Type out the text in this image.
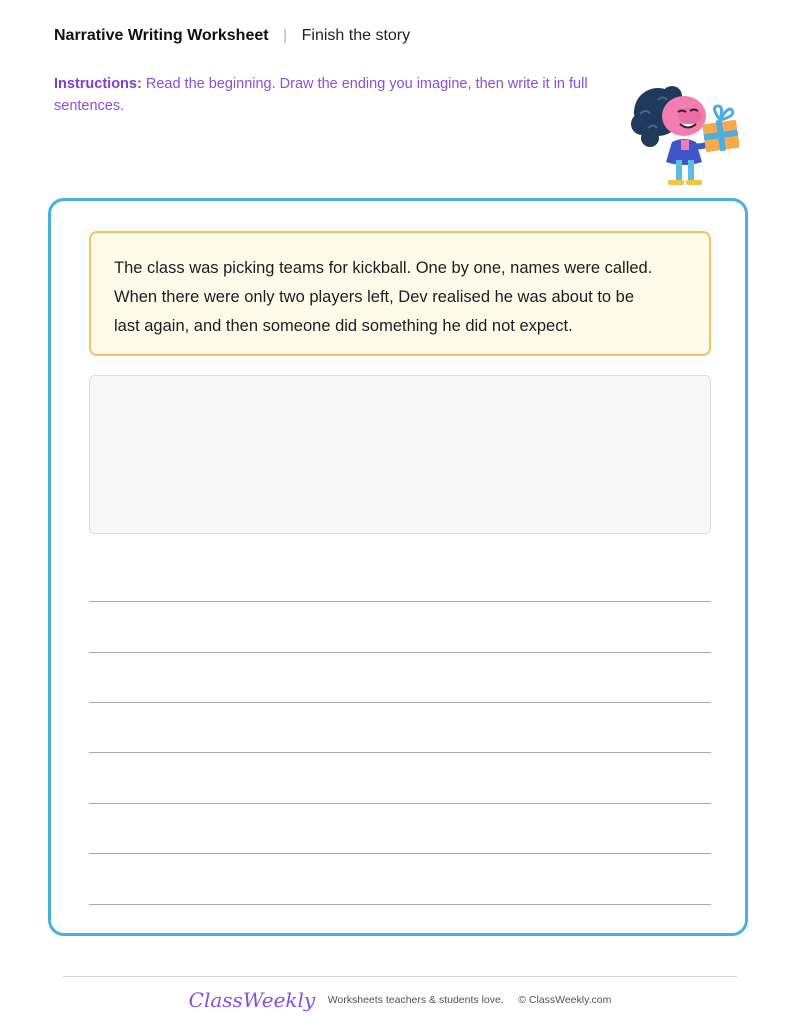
Narrative Writing Worksheet | Finish the story
Instructions: Read the beginning. Draw the ending you imagine, then write it in full sentences.
The class was picking teams for kickball. One by one, names were called.
When there were only two players left, Dev realised he was about to be
last again, and then someone did something he did not expect.
ClassWeekly Worksheets teachers & students love. © ClassWeekly.com
